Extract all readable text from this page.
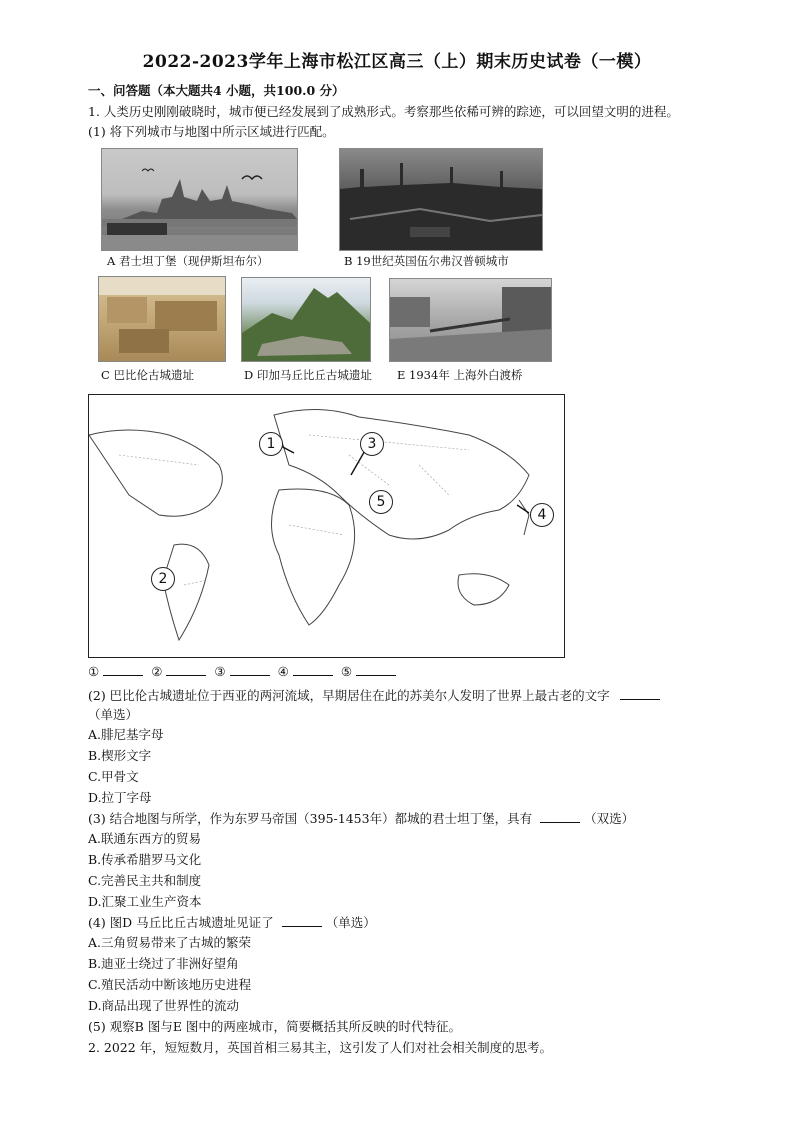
2022-2023学年上海市松江区高三（上）期末历史试卷（一模）
一、问答题（本大题共4 小题，共100.0 分）
1. 人类历史刚刚破晓时，城市便已经发展到了成熟形式。考察那些依稀可辨的踪迹，可以回望文明的进程。
(1) 将下列城市与地图中所示区域进行匹配。
A 君士坦丁堡（现伊斯坦布尔）	B 19世纪英国伍尔弗汉普顿城市
C 巴比伦古城遗址	D 印加马丘比丘古城遗址 E 1934年 上海外白渡桥
1	3
5
4
2
①	②	③	④	⑤
(2) 巴比伦古城遗址位于西亚的两河流域，早期居住在此的苏美尔人发明了世界上最古老的文字
（单选）
A.腓尼基字母
B.楔形文字
C.甲骨文
D.拉丁字母
(3) 结合地图与所学，作为东罗马帝国（395-1453年）都城的君士坦丁堡，具有	（双选）
A.联通东西方的贸易
B.传承希腊罗马文化
C.完善民主共和制度
D.汇聚工业生产资本
(4) 图D 马丘比丘古城遗址见证了	（单选）
A.三角贸易带来了古城的繁荣
B.迪亚士绕过了非洲好望角
C.殖民活动中断该地历史进程
D.商品出现了世界性的流动
(5) 观察B 图与E 图中的两座城市，简要概括其所反映的时代特征。
2. 2022 年，短短数月，英国首相三易其主，这引发了人们对社会相关制度的思考。
